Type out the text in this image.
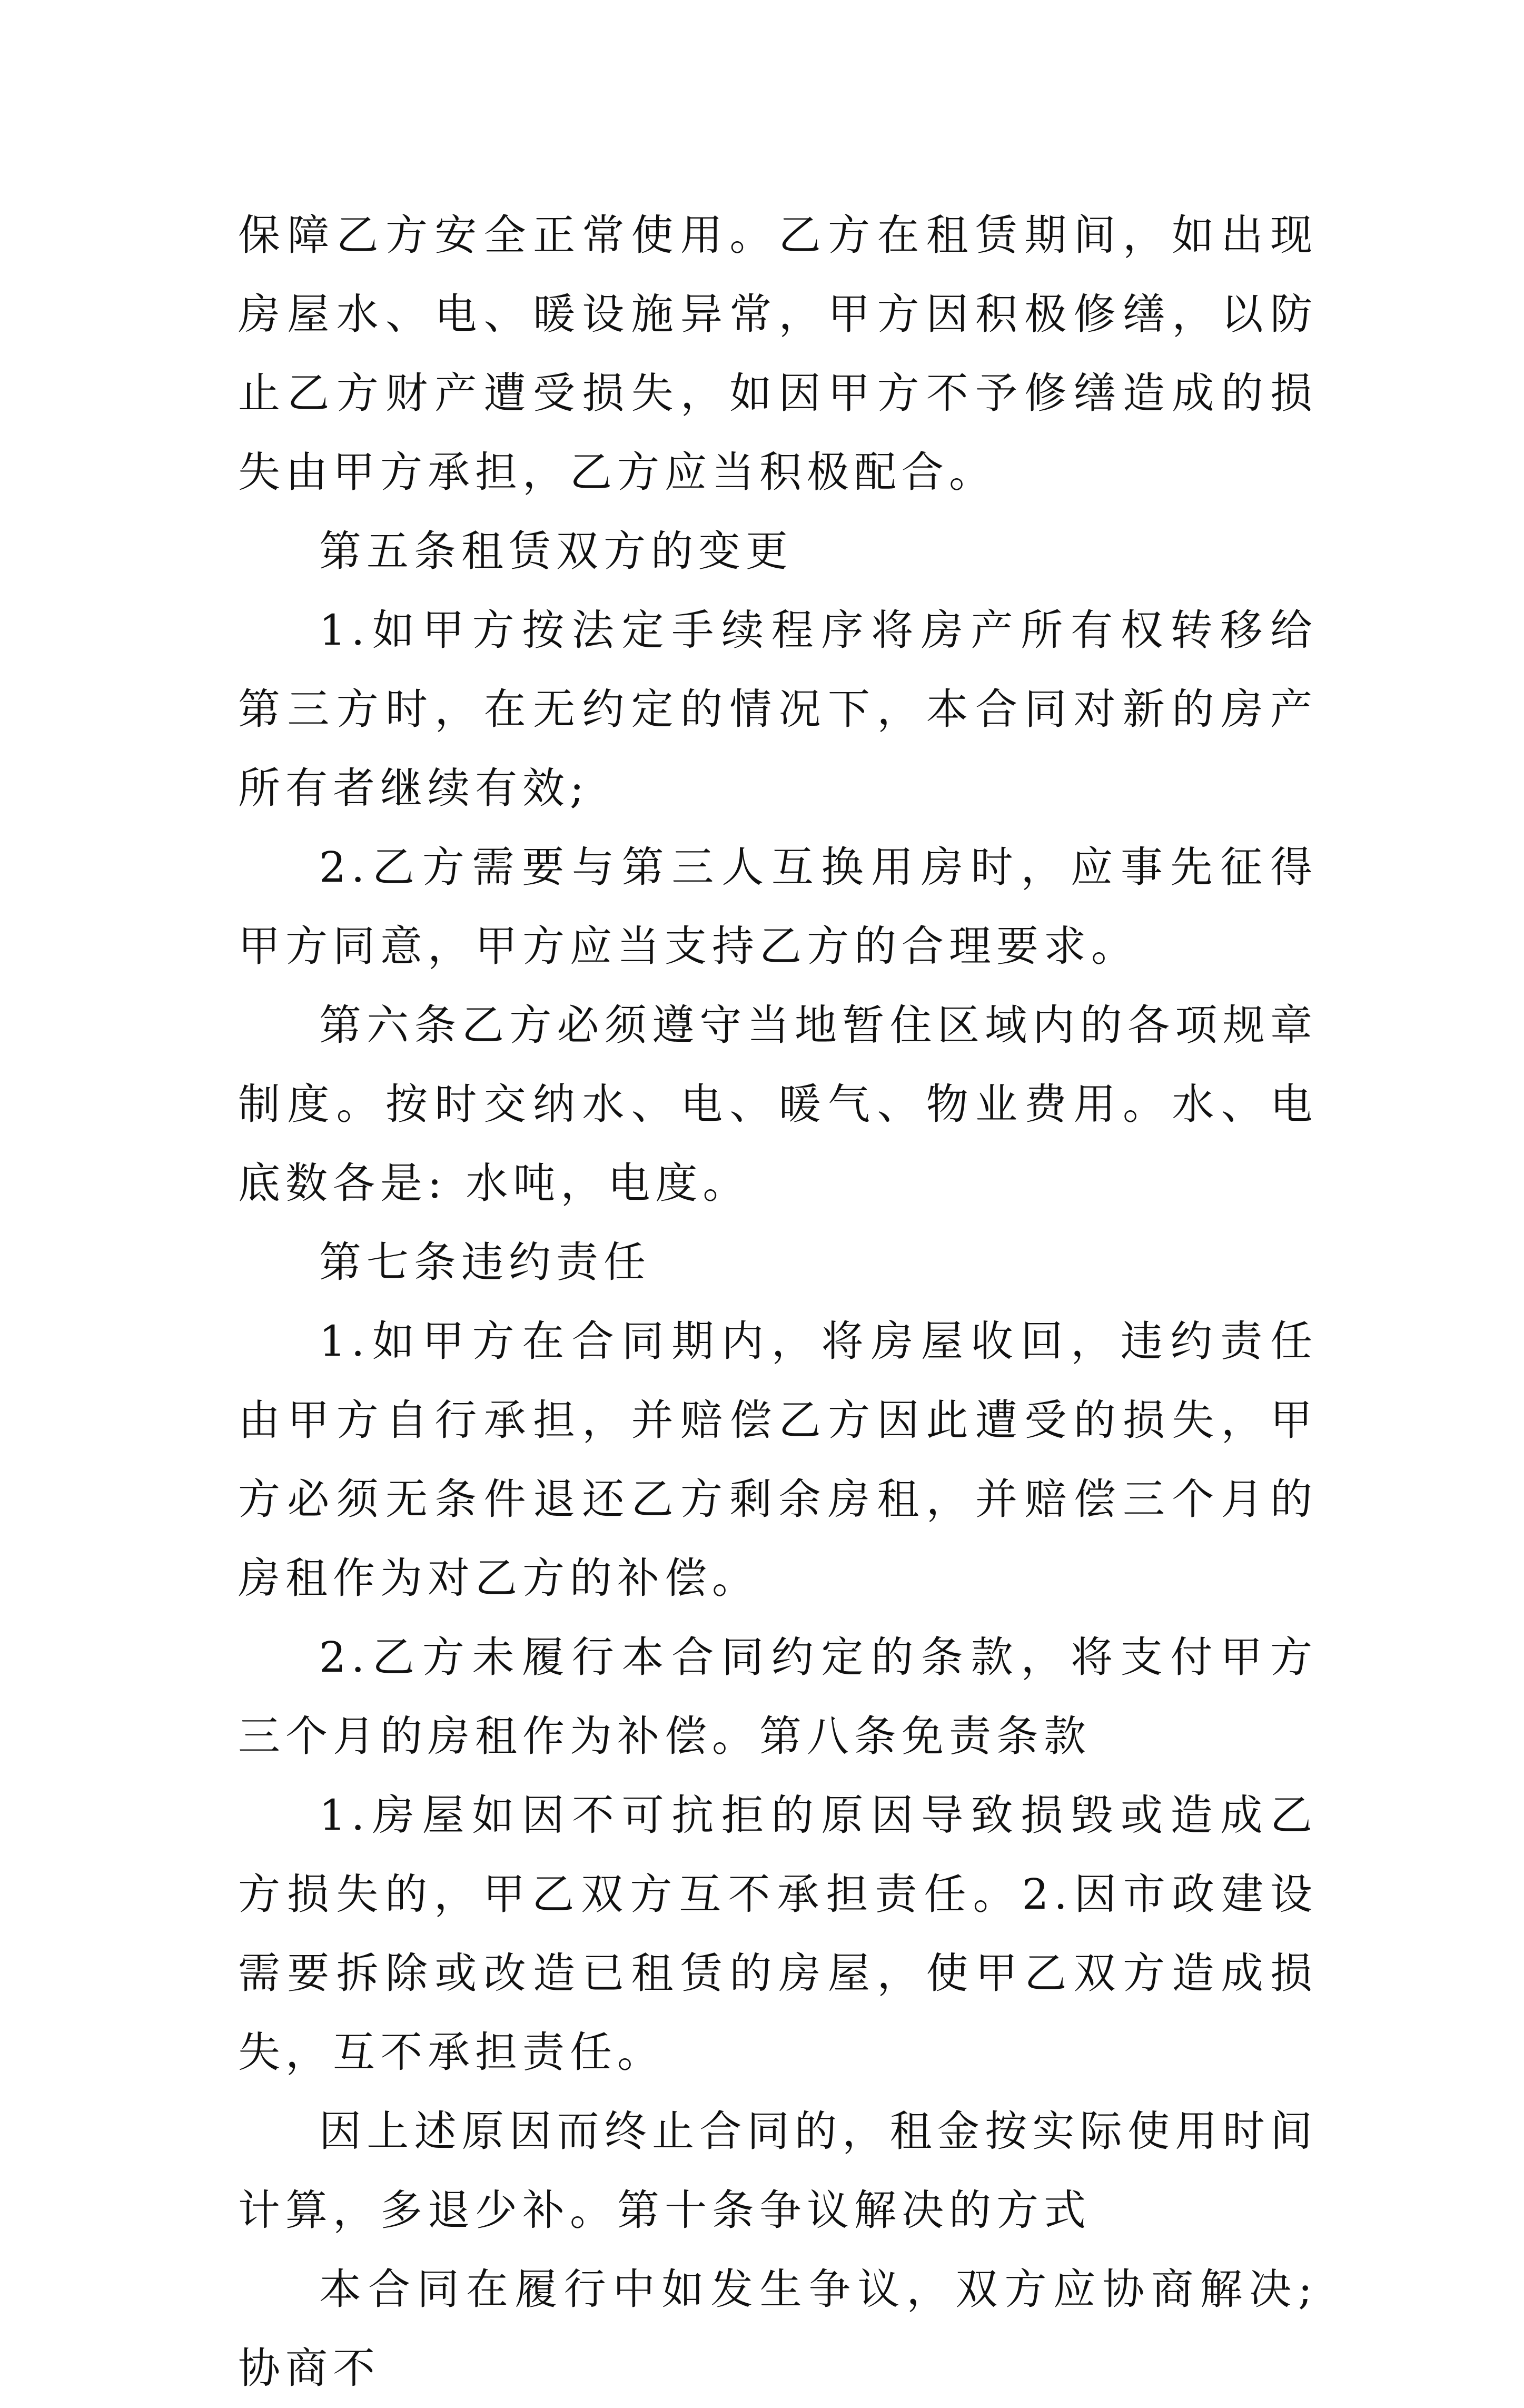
保障乙方安全正常使用。乙方在租赁期间，如出现房屋水、电、暖设施异常，甲方因积极修缮，以防止乙方财产遭受损失，如因甲方不予修缮造成的损失由甲方承担，乙方应当积极配合。

第五条租赁双方的变更

1.如甲方按法定手续程序将房产所有权转移给第三方时，在无约定的情况下，本合同对新的房产所有者继续有效;

2.乙方需要与第三人互换用房时，应事先征得甲方同意，甲方应当支持乙方的合理要求。

第六条乙方必须遵守当地暂住区域内的各项规章制度。按时交纳水、电、暖气、物业费用。水、电底数各是: 水吨，电度。

第七条违约责任

1.如甲方在合同期内，将房屋收回，违约责任由甲方自行承担，并赔偿乙方因此遭受的损失，甲方必须无条件退还乙方剩余房租，并赔偿三个月的房租作为对乙方的补偿。

2.乙方未履行本合同约定的条款，将支付甲方三个月的房租作为补偿。第八条免责条款

1.房屋如因不可抗拒的原因导致损毁或造成乙方损失的，甲乙双方互不承担责任。2.因市政建设需要拆除或改造已租赁的房屋，使甲乙双方造成损失，互不承担责任。

因上述原因而终止合同的，租金按实际使用时间计算，多退少补。第十条争议解决的方式

本合同在履行中如发生争议，双方应协商解决;协商不
